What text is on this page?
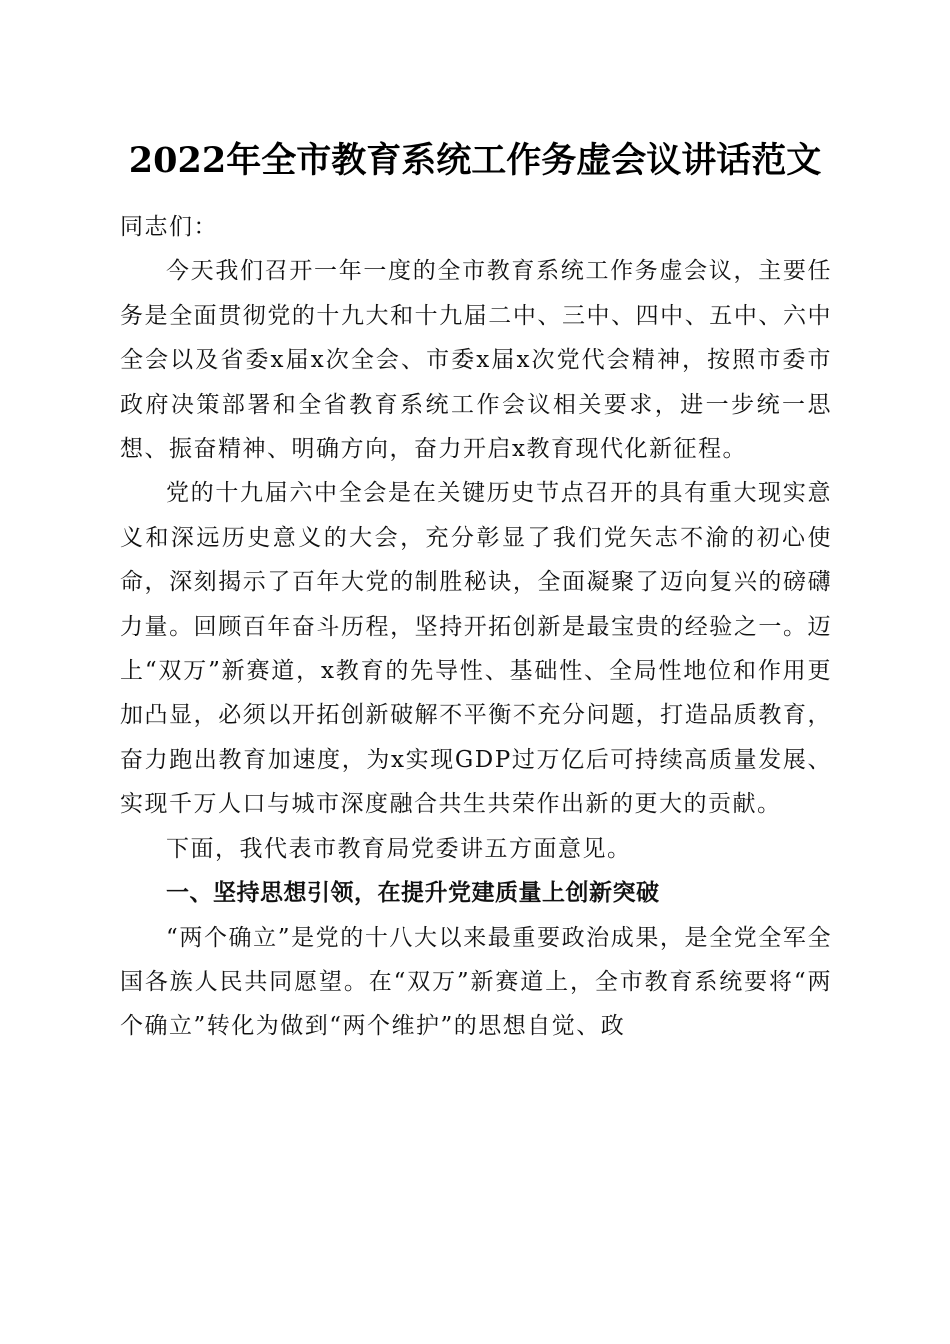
2022年全市教育系统工作务虚会议讲话范文

同志们：

今天我们召开一年一度的全市教育系统工作务虚会议，主要任务是全面贯彻党的十九大和十九届二中、三中、四中、五中、六中全会以及省委x届x次全会、市委x届x次党代会精神，按照市委市政府决策部署和全省教育系统工作会议相关要求，进一步统一思想、振奋精神、明确方向，奋力开启x教育现代化新征程。

党的十九届六中全会是在关键历史节点召开的具有重大现实意义和深远历史意义的大会，充分彰显了我们党矢志不渝的初心使命，深刻揭示了百年大党的制胜秘诀，全面凝聚了迈向复兴的磅礴力量。回顾百年奋斗历程，坚持开拓创新是最宝贵的经验之一。迈上“双万”新赛道，x教育的先导性、基础性、全局性地位和作用更加凸显，必须以开拓创新破解不平衡不充分问题，打造品质教育，奋力跑出教育加速度，为x实现GDP过万亿后可持续高质量发展、实现千万人口与城市深度融合共生共荣作出新的更大的贡献。

下面，我代表市教育局党委讲五方面意见。

一、坚持思想引领，在提升党建质量上创新突破

“两个确立”是党的十八大以来最重要政治成果，是全党全军全国各族人民共同愿望。在“双万”新赛道上，全市教育系统要将“两个确立”转化为做到“两个维护”的思想自觉、政
